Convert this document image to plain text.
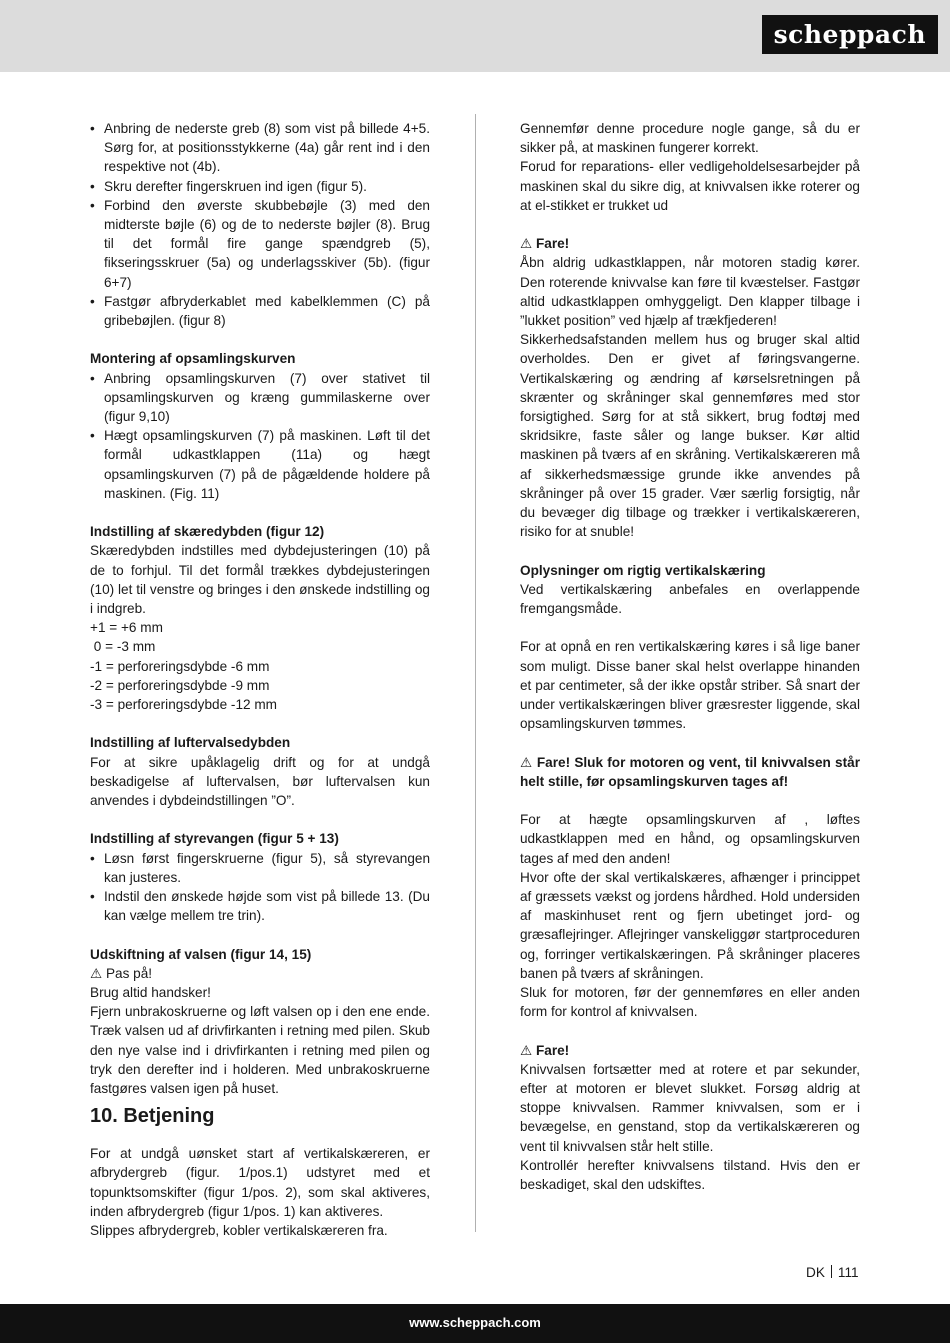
scheppach
• Anbring de nederste greb (8) som vist på billede 4+5. Sørg for, at positionsstykkerne (4a) går rent ind i den respektive not (4b).
• Skru derefter fingerskruen ind igen (figur 5).
• Forbind den øverste skubbebøjle (3) med den midterste bøjle (6) og de to nederste bøjler (8). Brug til det formål fire gange spændgreb (5), fikseringsskruer (5a) og underlagsskiver (5b). (figur 6+7)
• Fastgør afbryderkablet med kabelklemmen (C) på gribebøjlen. (figur 8)

Montering af opsamlingskurven

• Anbring opsamlingskurven (7) over stativet til opsamlingskurven og kræng gummilaskerne over (figur 9,10)
• Hægt opsamlingskurven (7) på maskinen. Løft til det formål udkastklappen (11a) og hægt opsamlingskurven (7) på de pågældende holdere på maskinen. (Fig. 11)

Indstilling af skæredybden (figur 12)

Skæredybden indstilles med dybdejusteringen (10) på de to forhjul. Til det formål trækkes dybdejusteringen (10) let til venstre og bringes i den ønskede indstilling og i indgreb.

+1 = +6 mm

0 = -3 mm

-1 = perforeringsdybde -6 mm

-2 = perforeringsdybde -9 mm

-3 = perforeringsdybde -12 mm

Indstilling af luftervalsedybden

For at sikre upåklagelig drift og for at undgå beskadigelse af luftervalsen, bør luftervalsen kun anvendes i dybdeindstillingen ”O”.

Indstilling af styrevangen (figur 5 + 13)

• Løsn først fingerskruerne (figur 5), så styrevangen kan justeres.
• Indstil den ønskede højde som vist på billede 13. (Du kan vælge mellem tre trin).

Udskiftning af valsen (figur 14, 15)

⚠ Pas på!

Brug altid handsker!

Fjern unbrakoskruerne og løft valsen op i den ene ende. Træk valsen ud af drivfirkanten i retning med pilen. Skub den nye valse ind i drivfirkanten i retning med pilen og tryk den derefter ind i holderen. Med unbrakoskruerne fastgøres valsen igen på huset.

10. Betjening

For at undgå uønsket start af vertikalskæreren, er afbrydergreb (figur. 1/pos.1) udstyret med et topunktsomskifter (figur 1/pos. 2), som skal aktiveres, inden afbrydergreb (figur 1/pos. 1) kan aktiveres.

Slippes afbrydergreb, kobler vertikalskæreren fra.

Gennemfør denne procedure nogle gange, så du er sikker på, at maskinen fungerer korrekt.

Forud for reparations- eller vedligeholdelsesarbejder på maskinen skal du sikre dig, at knivvalsen ikke roterer og at el-stikket er trukket ud

⚠ Fare!

Åbn aldrig udkastklappen, når motoren stadig kører. Den roterende knivvalse kan føre til kvæstelser. Fastgør altid udkastklappen omhyggeligt. Den klapper tilbage i ”lukket position” ved hjælp af trækfjederen!

Sikkerhedsafstanden mellem hus og bruger skal altid overholdes. Den er givet af føringsvangerne. Vertikalskæring og ændring af kørselsretningen på skrænter og skråninger skal gennemføres med stor forsigtighed. Sørg for at stå sikkert, brug fodtøj med skridsikre, faste såler og lange bukser. Kør altid maskinen på tværs af en skråning. Vertikalskæreren må af sikkerhedsmæssige grunde ikke anvendes på skråninger på over 15 grader. Vær særlig forsigtig, når du bevæger dig tilbage og trækker i vertikalskæreren, risiko for at snuble!

Oplysninger om rigtig vertikalskæring

Ved vertikalskæring anbefales en overlappende fremgangsmåde.

For at opnå en ren vertikalskæring køres i så lige baner som muligt. Disse baner skal helst overlappe hinanden et par centimeter, så der ikke opstår striber. Så snart der under vertikalskæringen bliver græsrester liggende, skal opsamlingskurven tømmes.

⚠ Fare! Sluk for motoren og vent, til knivvalsen står helt stille, før opsamlingskurven tages af!

For at hægte opsamlingskurven af , løftes udkastklappen med en hånd, og opsamlingskurven tages af med den anden!

Hvor ofte der skal vertikalskæres, afhænger i princippet af græssets vækst og jordens hårdhed. Hold undersiden af maskinhuset rent og fjern ubetinget jord- og græsaflejringer. Aflejringer vanskeliggør startproceduren og, forringer vertikalskæringen. På skråninger placeres banen på tværs af skråningen.

Sluk for motoren, før der gennemføres en eller anden form for kontrol af knivvalsen.

⚠ Fare!

Knivvalsen fortsætter med at rotere et par sekunder, efter at motoren er blevet slukket. Forsøg aldrig at stoppe knivvalsen. Rammer knivvalsen, som er i bevægelse, en genstand, stop da vertikalskæreren og vent til knivvalsen står helt stille.

Kontrollér herefter knivvalsens tilstand. Hvis den er beskadiget, skal den udskiftes.

DK 111
www.scheppach.com
